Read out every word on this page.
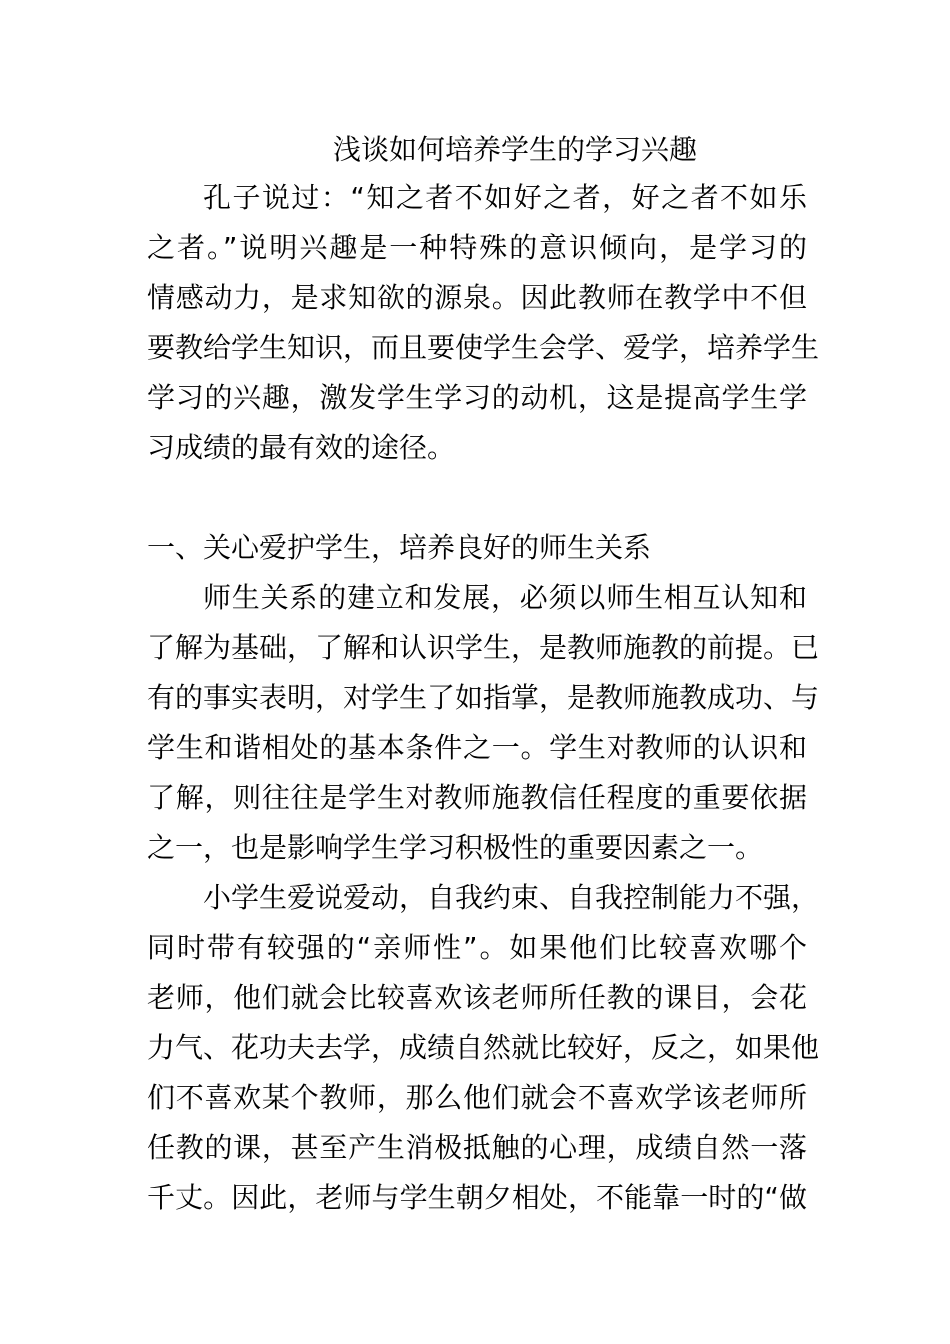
浅谈如何培养学生的学习兴趣

孔子说过：“知之者不如好之者，好之者不如乐

之者。”说明兴趣是一种特殊的意识倾向，是学习的

情感动力，是求知欲的源泉。因此教师在教学中不但

要教给学生知识，而且要使学生会学、爱学，培养学生

学习的兴趣，激发学生学习的动机，这是提高学生学

习成绩的最有效的途径。

一、关心爱护学生，培养良好的师生关系

师生关系的建立和发展，必须以师生相互认知和

了解为基础，了解和认识学生，是教师施教的前提。已

有的事实表明，对学生了如指掌，是教师施教成功、与

学生和谐相处的基本条件之一。学生对教师的认识和

了解，则往往是学生对教师施教信任程度的重要依据

之一，也是影响学生学习积极性的重要因素之一。

小学生爱说爱动，自我约束、自我控制能力不强，

同时带有较强的“亲师性”。如果他们比较喜欢哪个

老师，他们就会比较喜欢该老师所任教的课目，会花

力气、花功夫去学，成绩自然就比较好，反之，如果他

们不喜欢某个教师，那么他们就会不喜欢学该老师所

任教的课，甚至产生消极抵触的心理，成绩自然一落

千丈。因此，老师与学生朝夕相处，不能靠一时的“做
